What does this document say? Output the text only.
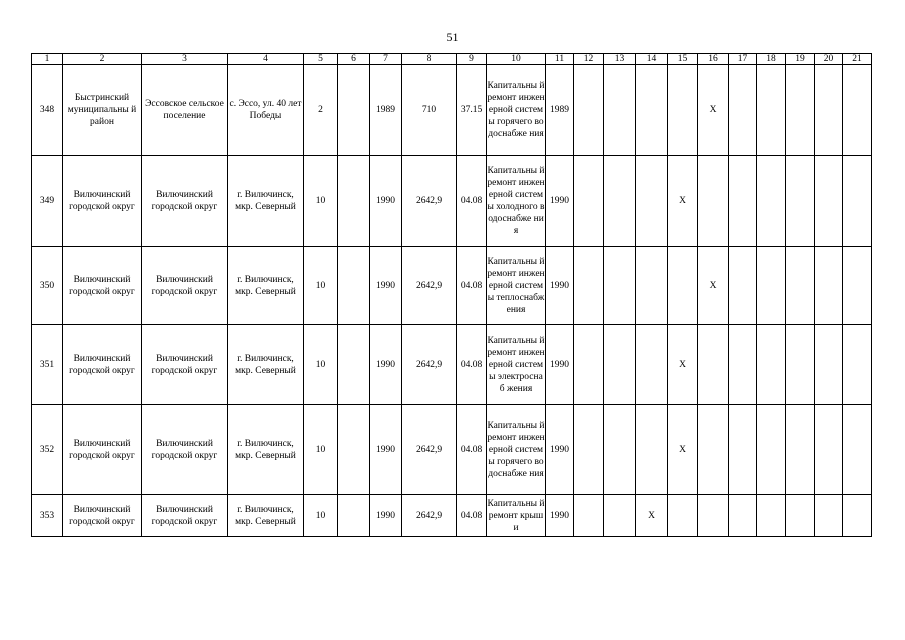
51
1	2	3	4	5	6	7	8	9	10	11	12	13	14	15	16	17	18	19	20	21
348	Быстринский муниципальны й район	Эссовское сельское поселение	с. Эссо, ул. 40 лет Победы	2		1989	710	37.15	Капитальны й ремонт инженерной системы горячего водоснабже ния	1989					X					
349	Вилючинский городской округ	Вилючинский городской округ	г. Вилючинск, мкр. Северный	10		1990	2642,9	04.08	Капитальны й ремонт инженерной системы холодного водоснабже ния	1990				X						
350	Вилючинский городской округ	Вилючинский городской округ	г. Вилючинск, мкр. Северный	10		1990	2642,9	04.08	Капитальны й ремонт инженерной системы теплоснабж ения	1990					X					
351	Вилючинский городской округ	Вилючинский городской округ	г. Вилючинск, мкр. Северный	10		1990	2642,9	04.08	Капитальны й ремонт инженерной системы электроснаб жения	1990				X						
352	Вилючинский городской округ	Вилючинский городской округ	г. Вилючинск, мкр. Северный	10		1990	2642,9	04.08	Капитальны й ремонт инженерной системы горячего водоснабже ния	1990				X						
353	Вилючинский городской округ	Вилючинский городской округ	г. Вилючинск, мкр. Северный	10		1990	2642,9	04.08	Капитальны й ремонт крыши	1990			X							
